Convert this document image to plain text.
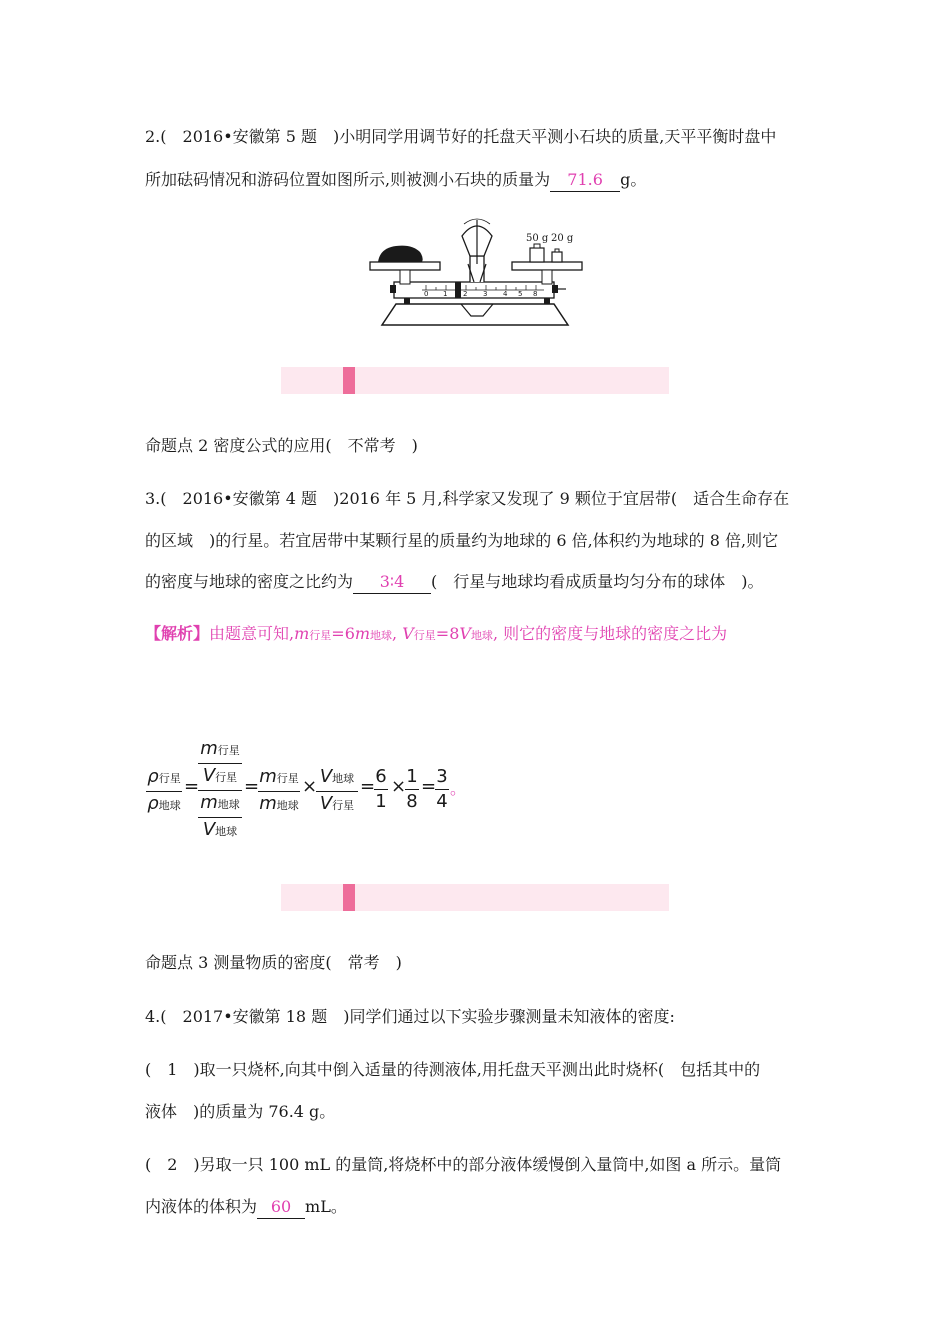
2.(　2016•安徽第 5 题　)小明同学用调节好的托盘天平测小石块的质量,天平平衡时盘中
所加砝码情况和游码位置如图所示,则被测小石块的质量为 71.6 g。
0 1 2 3 4 5 8
50 g 20 g
命题点 2 密度公式的应用(　不常考　)
3.(　2016•安徽第 4 题　)2016 年 5 月,科学家又发现了 9 颗位于宜居带(　适合生命存在
的区域　)的行星。若宜居带中某颗行星的质量约为地球的 6 倍,体积约为地球的 8 倍,则它
的密度与地球的密度之比约为 3∶4 (　行星与地球均看成质量均匀分布的球体　)。
【解析】由题意可知,m行星=6m地球, V行星=8V地球, 则它的密度与地球的密度之比为
ρ行星
ρ地球
=
m行星
V行星
m地球
V地球
= m行星
m地球
× V地球
V行星
= 6
1
× 1
8
= 3
4
。
命题点 3 测量物质的密度(　常考　)
4.(　2017•安徽第 18 题　)同学们通过以下实验步骤测量未知液体的密度:
(　1　)取一只烧杯,向其中倒入适量的待测液体,用托盘天平测出此时烧杯(　包括其中的
液体　)的质量为 76.4 g。
(　2　)另取一只 100 mL 的量筒,将烧杯中的部分液体缓慢倒入量筒中,如图 a 所示。量筒
内液体的体积为 60 mL。
